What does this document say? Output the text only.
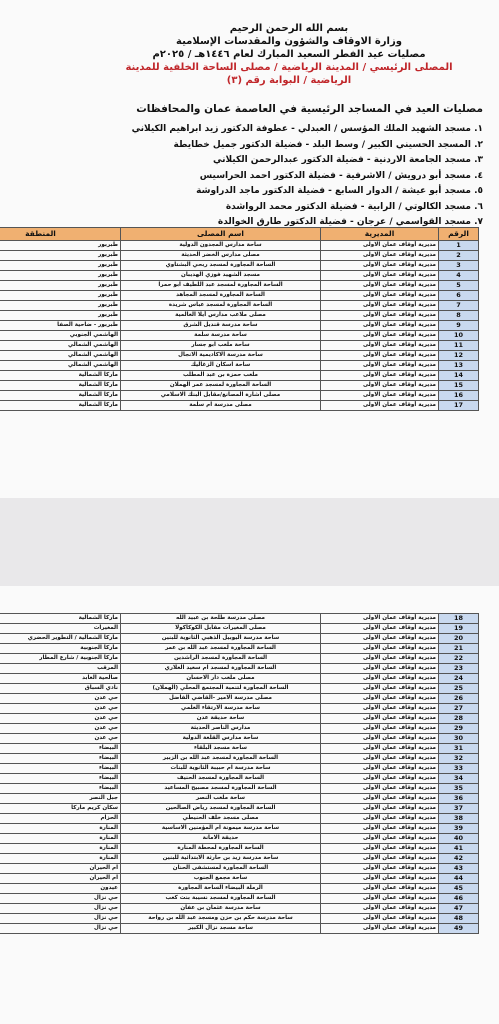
بسم الله الرحمن الرحيم
وزارة الاوقاف والشؤون والمقدسات الإسلامية
مصليات عيد الفطر السعيد المبارك لعام ١٤٤٦هـ / ٢٠٢٥م
المصلى الرئيسي / المدينة الرياضية / مصلى الساحة الخلفية للمدينة الرياضية / البوابة رقم (٣)
مصليات العيد في المساجد الرئيسية في العاصمة عمان والمحافظات
١. مسجد الشهيد الملك المؤسس / العبدلي - عطوفة الدكتور زيد ابراهيم الكيلاني
٢. المسجد الحسيني الكبير / وسط البلد - فضيلة الدكتور جميل خطايطة
٣. مسجد الجامعة الاردنية - فضيلة الدكتور عبدالرحمن الكيلاني
٤. مسجد أبو درويش / الاشرفية - فضيلة الدكتور احمد الحراسيس
٥. مسجد أبو عيشة / الدوار السابع - فضيلة الدكتور ماجد الدراوشة
٦. مسجد الكالوتي / الرابية - فضيلة الدكتور محمد الرواشدة
٧. مسجد القواسمي / عرجان - فضيلة الدكتور طارق الخوالدة
الرقم	المديرية	اسم المصلى	المنطقة
1	مديرية أوقاف عمان الاولى	ساحة مدارس المجدون الدولية	طبربور
2	مديرية أوقاف عمان الاولى	مصلى مدارس الخضر الحديثة	طبربور
3	مديرية أوقاف عمان الاولى	الساحة المجاورة لمسجد ربحي البشتاوي	طبربور
4	مديرية أوقاف عمان الاولى	مسجد الشهيد فوزي الهديبان	طبربور
5	مديرية أوقاف عمان الاولى	الساحة المجاورة لمسجد عبد اللطيف ابو حمرا	طبربور
6	مديرية أوقاف عمان الاولى	الساحة المجاورة لمسجد المجاهد	طبربور
7	مديرية أوقاف عمان الاولى	الساحة المجاورة لمسجد عباس شريدة	طبربور
8	مديرية أوقاف عمان الاولى	مصلى ملاعب مدارس أيلا العالمية	طبربور
9	مديرية أوقاف عمان الاولى	ساحة مدرسة قنديل الشرق	طبربور - ضاحية الصفا
10	مديرية أوقاف عمان الاولى	ساحة مدرسة سلمة	الهاشمي الجنوبي
11	مديرية أوقاف عمان الاولى	ساحة ملعب ابو جسار	الهاشمي الشمالي
12	مديرية أوقاف عمان الاولى	ساحة مدرسة الاكاديمية الانجال	الهاشمي الشمالي
13	مديرية أوقاف عمان الاولى	ساحة اسكان الزغاليك	الهاشمي الشمالي
14	مديرية أوقاف عمان الاولى	ملعب حمزة بن عبد المطلب	ماركا الشمالية
15	مديرية أوقاف عمان الاولى	الساحة المجاورة لمسجد عمر الهملان	ماركا الشمالية
16	مديرية أوقاف عمان الاولى	مصلى اشارة المصانع/مقابل البنك الاسلامي	ماركا الشمالية
17	مديرية أوقاف عمان الاولى	مصلى مدرسة ام سلمة	ماركا الشمالية
18	مديرية أوقاف عمان الاولى	مصلى مدرسة طلحة بن عبيد الله	ماركا الشمالية
19	مديرية أوقاف عمان الاولى	مصلى المغيرات مقابل الكوكاكولا	المغيرات
20	مديرية أوقاف عمان الاولى	ساحة مدرسة اليوبيل الذهبي الثانوية للبنين	ماركا الشمالية / التطوير الحضري
21	مديرية أوقاف عمان الاولى	الساحة المجاورة لمسجد عبد الله بن عمر	ماركا الجنوبية
22	مديرية أوقاف عمان الاولى	الساحة المجاورة لمسجد الراشدين	ماركا الجنوبية / شارع المطار
23	مديرية أوقاف عمان الاولى	الساحة المجاورة لمسجد ام سعيد العلاري	المرقب
24	مديرية أوقاف عمان الاولى	مصلى ملعب دار الاحسان	صالحية العابد
25	مديرية أوقاف عمان الاولى	الساحة المجاورة لتنمية المجتمع المحلي (الهملان)	نادي السباق
26	مديرية أوقاف عمان الاولى	مصلى مدرسة الامير -القاضي الفاضل	حي عدن
27	مديرية أوقاف عمان الاولى	ساحة مدرسة الارتقاء العلمي	حي عدن
28	مديرية أوقاف عمان الاولى	ساحة حديقة عدن	حي عدن
29	مديرية أوقاف عمان الاولى	مدارس الناصر الحديثة	حي عدن
30	مديرية أوقاف عمان الاولى	ساحة مدارس القلعة الدولية	حي عدن
31	مديرية أوقاف عمان الاولى	ساحة مسجد البلقاء	البيضاء
32	مديرية أوقاف عمان الاولى	الساحة المجاورة لمسجد عبد الله بن الزبير	البيضاء
33	مديرية أوقاف عمان الاولى	ساحة مدرسة ام حبيبة الثانوية للبنات	البيضاء
34	مديرية أوقاف عمان الاولى	الساحة المجاورة لمسجد الحنيف	البيضاء
35	مديرية أوقاف عمان الاولى	الساحة المجاورة لمسجد مصبيح المساعيد	البيضاء
36	مديرية أوقاف عمان الاولى	ساحة ملعب النصر	جبل النصر
37	مديرية أوقاف عمان الاولى	الساحة المجاورة لمسجد رياض الصالحين	سكان كريم ماركا
38	مديرية أوقاف عمان الاولى	مصلى مسجد خلف الحنيطي	الحزام
39	مديرية أوقاف عمان الاولى	ساحة مدرسة ميمونة ام المؤمنين الاساسية	المنارة
40	مديرية أوقاف عمان الاولى	حديقة الامانة	المنارة
41	مديرية أوقاف عمان الاولى	الساحة المجاورة لمحطة المنارة	المنارة
42	مديرية أوقاف عمان الاولى	ساحة مدرسة زيد بن حارثة الابتدائية للبنين	المنارة
43	مديرية أوقاف عمان الاولى	الساحة المجاورة لمستشفى الحنان	ام الحيران
44	مديرية أوقاف عمان الاولى	ساحة مجمع الجنوب	ام الحيران
45	مديرية أوقاف عمان الاولى	الرملة البيضاء الساحة المجاورة	عيدون
46	مديرية أوقاف عمان الاولى	الساحة المجاورة لمسجد نسيبة بنت كعب	حي نزال
47	مديرية أوقاف عمان الاولى	ساحة مدرسة عثمان بن عفان	حي نزال
48	مديرية أوقاف عمان الاولى	ساحة مدرسة حكم بن حزن ومسجد عبد الله بن رواحة	حي نزال
49	مديرية أوقاف عمان الاولى	ساحة مسجد نزال الكبير	حي نزال
